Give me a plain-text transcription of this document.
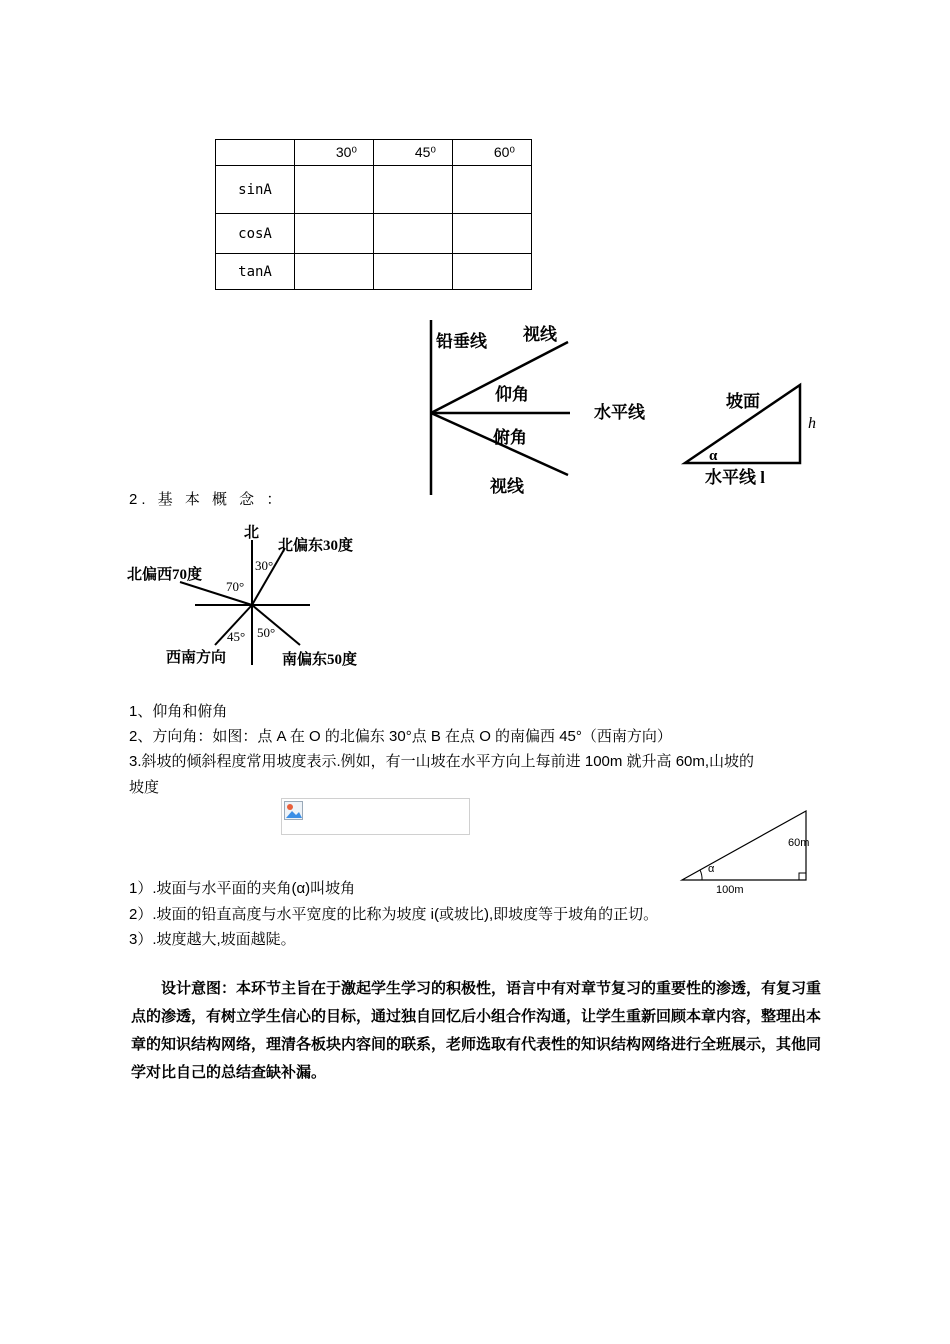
	30⁰	45⁰	60⁰
sinA			
cosA			
tanA			
铅垂线 视线
仰角
水平线
俯角
视线
坡面
h
α
水平线 l
2. 基 本 概 念 ：
北
北偏东30度
30°
北偏西70度
70°
45° 50°
西南方向	南偏东50度
1、仰角和俯角
2、方向角：如图：点 A 在 O 的北偏东 30°点 B 在点 O 的南偏西 45°（西南方向）
3.斜坡的倾斜程度常用坡度表示.例如，有一山坡在水平方向上每前进 100m 就升高 60m,山坡的
坡度
60m
α
100m
1）.坡面与水平面的夹角(α)叫坡角
2）.坡面的铅直高度与水平宽度的比称为坡度 i(或坡比),即坡度等于坡角的正切。
3）.坡度越大,坡面越陡。
设计意图：本环节主旨在于激起学生学习的积极性，语言中有对章节复习的重要性的渗透，有复习重点的渗透，有树立学生信心的目标，通过独自回忆后小组合作沟通，让学生重新回顾本章内容，整理出本章的知识结构网络，理清各板块内容间的联系，老师选取有代表性的知识结构网络进行全班展示，其他同学对比自己的总结查缺补漏。
